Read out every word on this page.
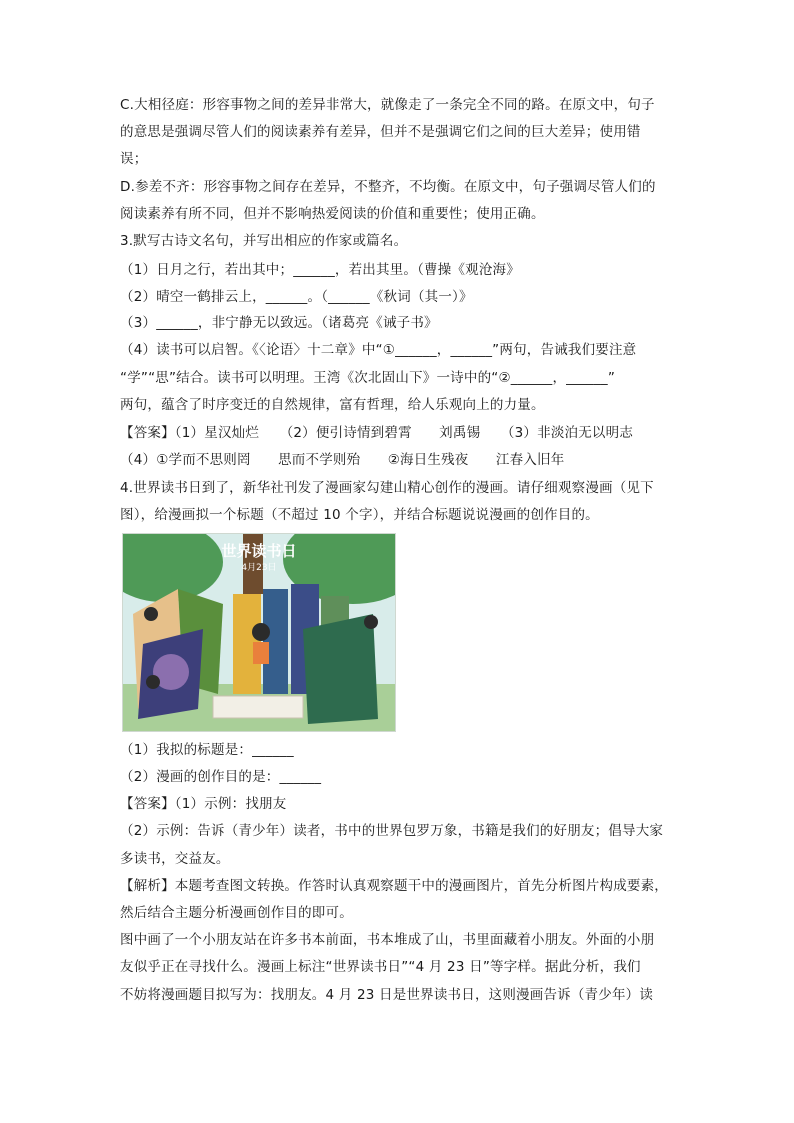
C.大相径庭：形容事物之间的差异非常大，就像走了一条完全不同的路。在原文中，句子
的意思是强调尽管人们的阅读素养有差异，但并不是强调它们之间的巨大差异；使用错
误；
D.参差不齐：形容事物之间存在差异，不整齐，不均衡。在原文中，句子强调尽管人们的
阅读素养有所不同，但并不影响热爱阅读的价值和重要性；使用正确。
3.默写古诗文名句，并写出相应的作家或篇名。
（1）日月之行，若出其中；______，若出其里。（曹操《观沧海》
（2）晴空一鹤排云上，______。（______《秋词（其一）》
（3）______，非宁静无以致远。（诸葛亮《诫子书》
（4）读书可以启智。《〈论语〉十二章》中“①______，______”两句，告诫我们要注意
“学”“思”结合。读书可以明理。王湾《次北固山下》一诗中的“②______，______”
两句，蕴含了时序变迁的自然规律，富有哲理，给人乐观向上的力量。
【答案】（1）星汉灿烂　　（2）便引诗情到碧霄　　刘禹锡　　（3）非淡泊无以明志
（4）①学而不思则罔　　思而不学则殆　　②海日生残夜　　江春入旧年
4.世界读书日到了，新华社刊发了漫画家勾建山精心创作的漫画。请仔细观察漫画（见下
图），给漫画拟一个标题（不超过 10 个字），并结合标题说说漫画的创作目的。
世界读书日
4月23日
（1）我拟的标题是：______
（2）漫画的创作目的是：______
【答案】（1）示例：找朋友
（2）示例：告诉（青少年）读者，书中的世界包罗万象，书籍是我们的好朋友；倡导大家
多读书，交益友。
【解析】本题考查图文转换。作答时认真观察题干中的漫画图片，首先分析图片构成要素，
然后结合主题分析漫画创作目的即可。
图中画了一个小朋友站在许多书本前面，书本堆成了山，书里面藏着小朋友。外面的小朋
友似乎正在寻找什么。漫画上标注“世界读书日”“4 月 23 日”等字样。据此分析，我们
不妨将漫画题目拟写为：找朋友。4 月 23 日是世界读书日，这则漫画告诉（青少年）读
